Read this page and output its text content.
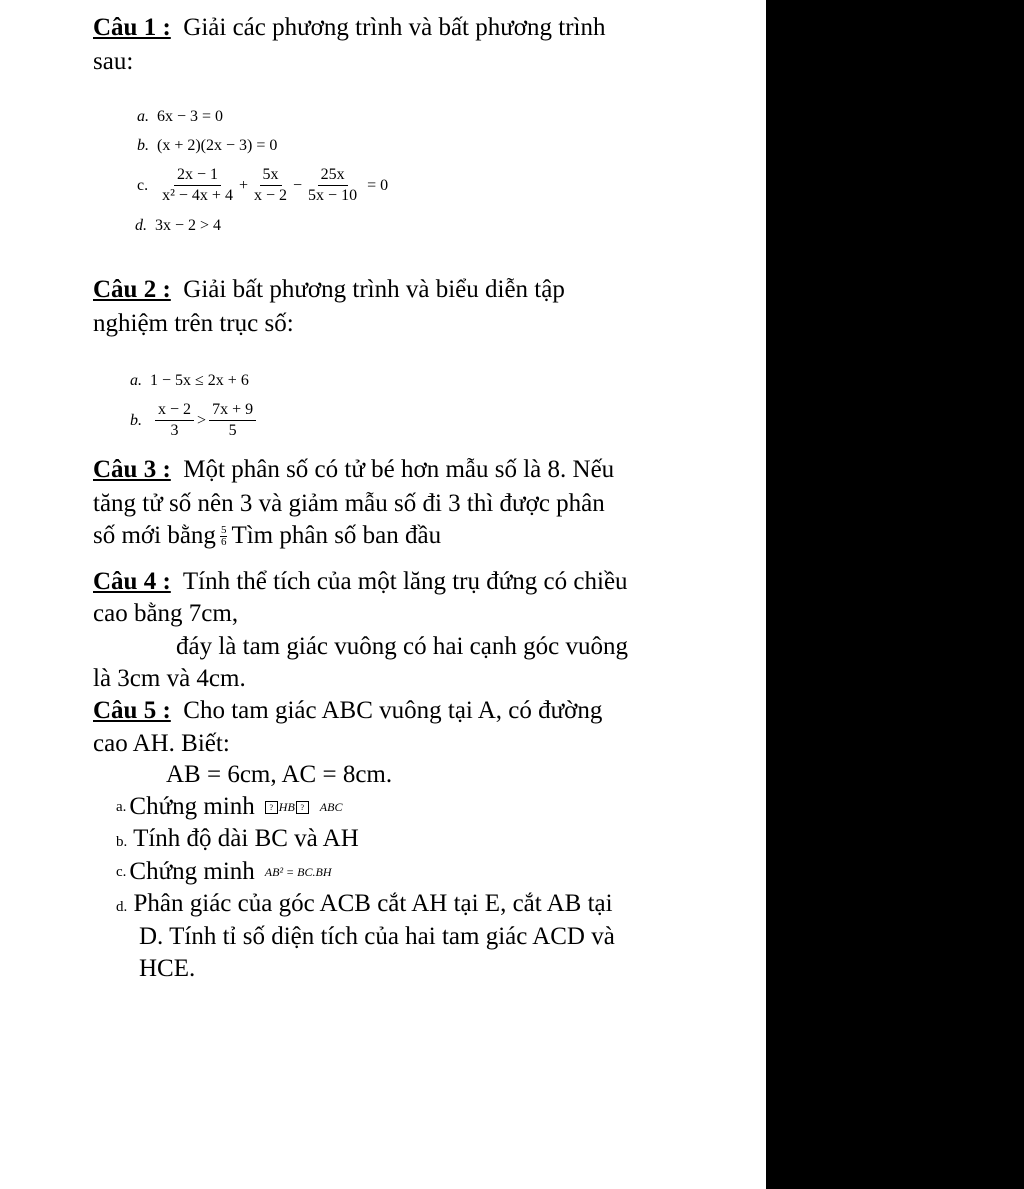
Câu 1 : Giải các phương trình và bất phương trình
sau:
a. 6x − 3 = 0
b. (x + 2)(2x − 3) = 0
c. $\frac{2x - 1}{\text{x² − 4x + 4}} + \frac{5x}{x - 2} - \frac{25x}{5x - 10} = 0$
d. 3x − 2 > 4
Câu 2 : Giải bất phương trình và biểu diễn tập
nghiệm trên trục số:
a. 1 − 5x ≤ 2x + 6
b. $\frac{x - 2}{3} > \frac{7x + 9}{5}$
Câu 3 : Một phân số có tử bé hơn mẫu số là 8. Nếu
tăng tử số nên 3 và giảm mẫu số đi 3 thì được phân
số mới bằng $\frac{5}{6}$ Tìm phân số ban đầu
Câu 4 : Tính thể tích của một lăng trụ đứng có chiều
cao bằng 7cm,
đáy là tam giác vuông có hai cạnh góc vuông
là 3cm và 4cm.
Câu 5 : Cho tam giác ABC vuông tại A, có đường
cao AH. Biết:
AB = 6cm, AC = 8cm.
a. Chứng minh	? HB ?	ABC
b. Tính độ dài BC và AH
c. Chứng minh AB² = BC.BH
d. Phân giác của góc ACB cắt AH tại E, cắt AB tại
D. Tính tỉ số diện tích của hai tam giác ACD và
HCE.
